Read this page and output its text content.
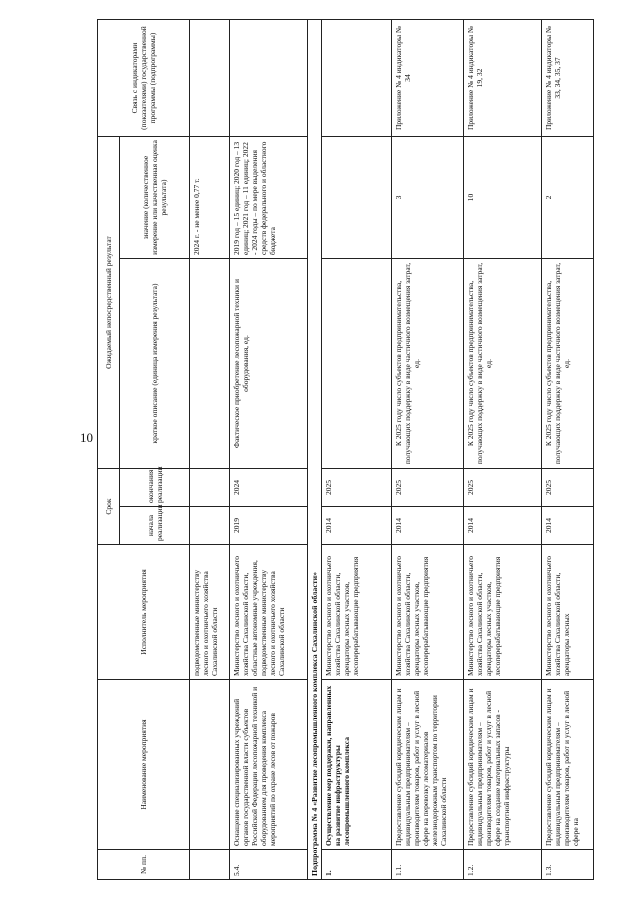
10
№ пп.	Наименование мероприятия	Исполнитель мероприятия	Срок		Ожидаемый непосредственный результат		Связь с индикаторами (показателями) государственной программы (подпрограммы)
			начала реализации	окончания реализации	краткое описание (единица измерения результата)	значение (количественное измерение или качественная оценка результата)	
		подведомственные министерству лесного и охотничьего хозяйства Сахалинской области				2024 г. - не менее 0,77 т.	
5.4.	Оснащение специализированных учреждений органов государственной власти субъектов Российской Федерации лесопожарной техникой и оборудованием для проведения комплекса мероприятий по охране лесов от пожаров	Министерство лесного и охотничьего хозяйства Сахалинской области, областные автономные учреждения, подведомственные министерству лесного и охотничьего хозяйства Сахалинской области	2019	2024	Фактическое приобретение лесопожарной техники и оборудования, ед.	2019 год – 15 единиц; 2020 год – 13 единиц; 2021 год – 11 единиц; 2022 - 2024 годы – по мере выделения средств федерального и областного бюджета	
Подпрограмма № 4 «Развитие лесопромышленного комплекса Сахалинской области»							
1.	Осуществление мер поддержки, направленных на развитие инфраструктуры лесопромышленного комплекса	Министерство лесного и охотничьего хозяйства Сахалинской области, арендаторы лесных участков, лесоперерабатывающие предприятия	2014	2025			
1.1.	Предоставление субсидий юридическим лицам и индивидуальным предпринимателям – производителям товаров, работ и услуг в лесной сфере на перевозку лесоматериалов железнодорожным транспортом по территории Сахалинской области	Министерство лесного и охотничьего хозяйства Сахалинской области, арендаторы лесных участков, лесоперерабатывающие предприятия	2014	2025	К 2025 году число субъектов предпринимательства, получающих поддержку в виде частичного возмещения затрат, ед.	3	Приложение № 4 индикаторы № 34
1.2.	Предоставление субсидий юридическим лицам и индивидуальным предпринимателям – производителям товаров, работ и услуг в лесной сфере на создание материальных запасов - транспортной инфраструктуры	Министерство лесного и охотничьего хозяйства Сахалинской области, арендаторы лесных участков, лесоперерабатывающие предприятия	2014	2025	К 2025 году число субъектов предпринимательства, получающих поддержку в виде частичного возмещения затрат, ед.	10	Приложение № 4 индикаторы № 19, 32
1.3.	Предоставление субсидий юридическим лицам и индивидуальным предпринимателям – производителям товаров, работ и услуг в лесной сфере на	Министерство лесного и охотничьего хозяйства Сахалинской области, арендаторы лесных	2014	2025	К 2025 году число субъектов предпринимательства, получающих поддержку в виде частичного возмещения затрат, ед.	2	Приложение № 4 индикаторы № 33, 34, 35, 37
